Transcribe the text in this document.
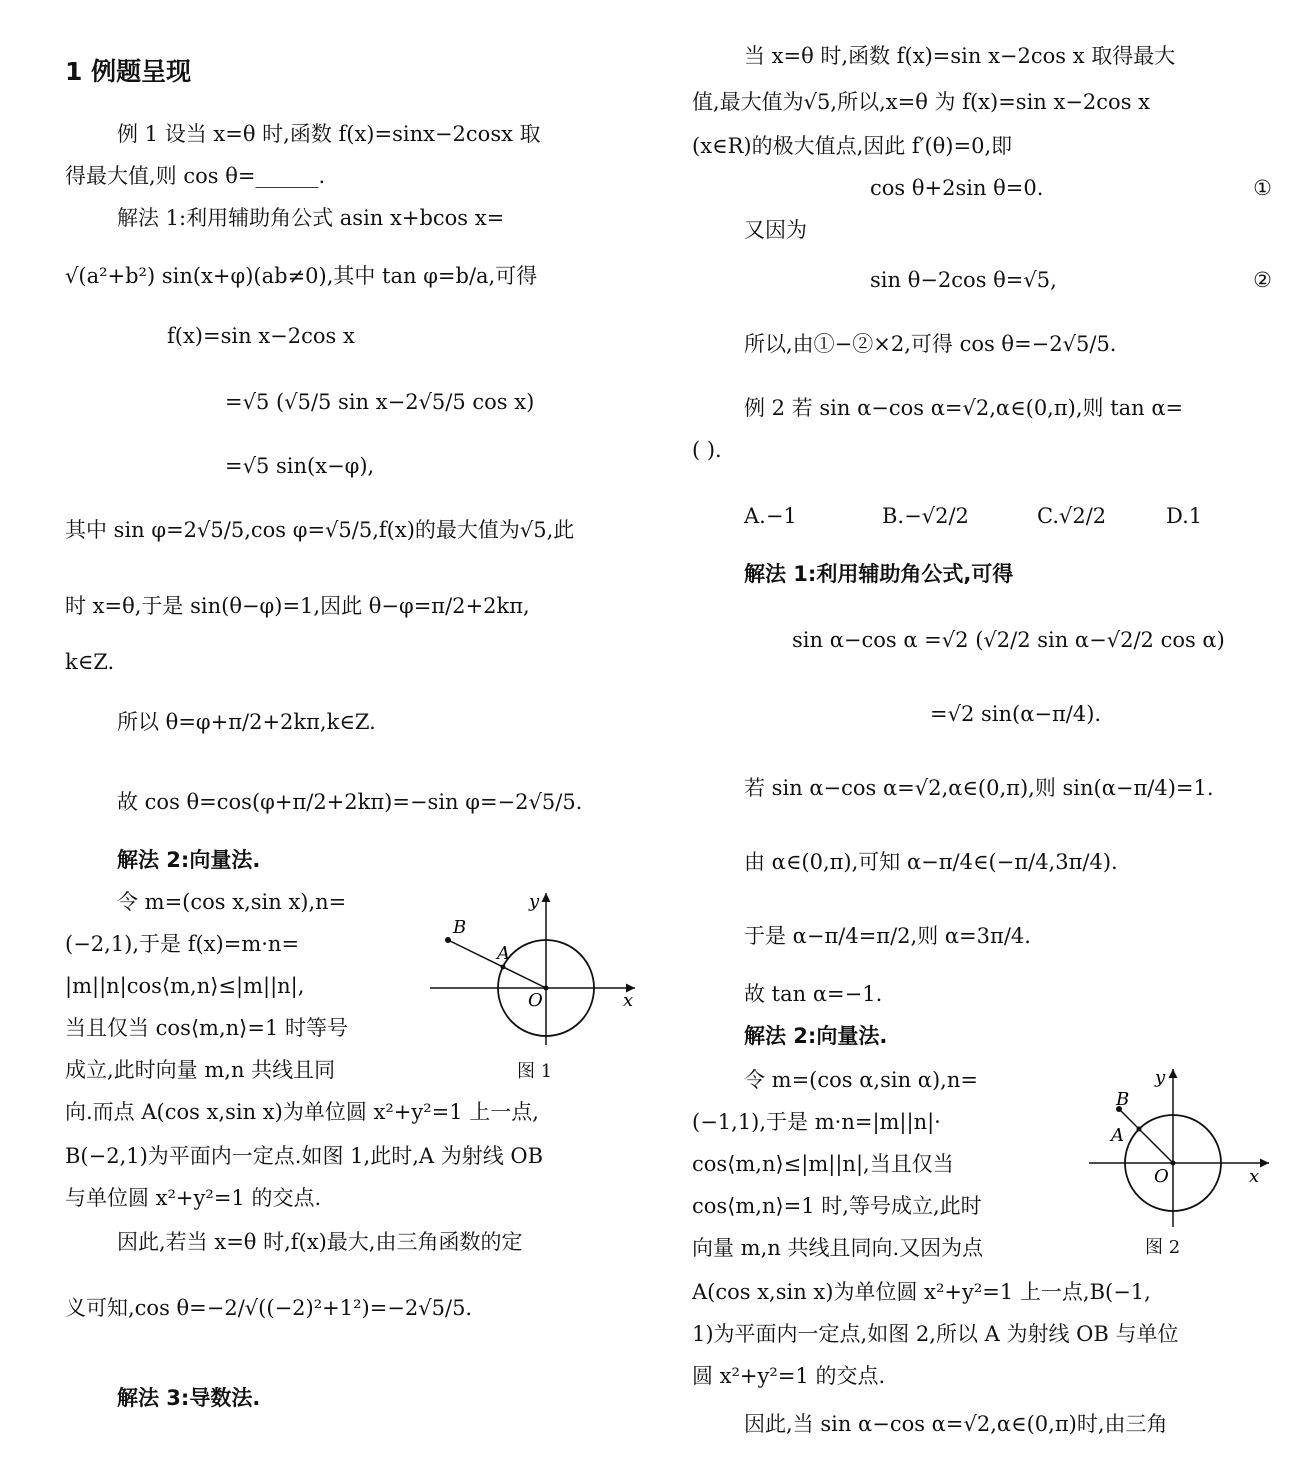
1 例题呈现
例 1 设当 x=θ 时,函数 f(x)=sinx−2cosx 取
得最大值,则 cos θ=______.
解法 1:利用辅助角公式 asin x+bcos x=
√(a²+b²) sin(x+φ)(ab≠0),其中 tan φ=b/a,可得
f(x)=sin x−2cos x
=√5 (√5/5 sin x−2√5/5 cos x)
=√5 sin(x−φ),
其中 sin φ=2√5/5,cos φ=√5/5,f(x)的最大值为√5,此
时 x=θ,于是 sin(θ−φ)=1,因此 θ−φ=π/2+2kπ,
k∈Z.
所以 θ=φ+π/2+2kπ,k∈Z.
故 cos θ=cos(φ+π/2+2kπ)=−sin φ=−2√5/5.
解法 2:向量法.
令 m=(cos x,sin x),n=
(−2,1),于是 f(x)=m·n=
|m||n|cos⟨m,n⟩≤|m||n|,
当且仅当 cos⟨m,n⟩=1 时等号
成立,此时向量 m,n 共线且同
向.而点 A(cos x,sin x)为单位圆 x²+y²=1 上一点,
B(−2,1)为平面内一定点.如图 1,此时,A 为射线 OB
与单位圆 x²+y²=1 的交点.
因此,若当 x=θ 时,f(x)最大,由三角函数的定
义可知,cos θ=−2/√((−2)²+1²)=−2√5/5.
解法 3:导数法.
B
A
O	x
y
图 1
当 x=θ 时,函数 f(x)=sin x−2cos x 取得最大
值,最大值为√5,所以,x=θ 为 f(x)=sin x−2cos x
(x∈R)的极大值点,因此 f′(θ)=0,即
cos θ+2sin θ=0.	①
又因为
sin θ−2cos θ=√5,	②
所以,由①−②×2,可得 cos θ=−2√5/5.
例 2 若 sin α−cos α=√2,α∈(0,π),则 tan α=
( ).
A.−1	B.−√2/2	C.√2/2	D.1
解法 1:利用辅助角公式,可得
sin α−cos α =√2 (√2/2 sin α−√2/2 cos α)
=√2 sin(α−π/4).
若 sin α−cos α=√2,α∈(0,π),则 sin(α−π/4)=1.
由 α∈(0,π),可知 α−π/4∈(−π/4,3π/4).
于是 α−π/4=π/2,则 α=3π/4.
故 tan α=−1.
解法 2:向量法.
令 m=(cos α,sin α),n=
(−1,1),于是 m·n=|m||n|·
cos⟨m,n⟩≤|m||n|,当且仅当
cos⟨m,n⟩=1 时,等号成立,此时
向量 m,n 共线且同向.又因为点
A(cos x,sin x)为单位圆 x²+y²=1 上一点,B(−1,
1)为平面内一定点,如图 2,所以 A 为射线 OB 与单位
圆 x²+y²=1 的交点.
因此,当 sin α−cos α=√2,α∈(0,π)时,由三角
B
A
O	x
y
图 2
